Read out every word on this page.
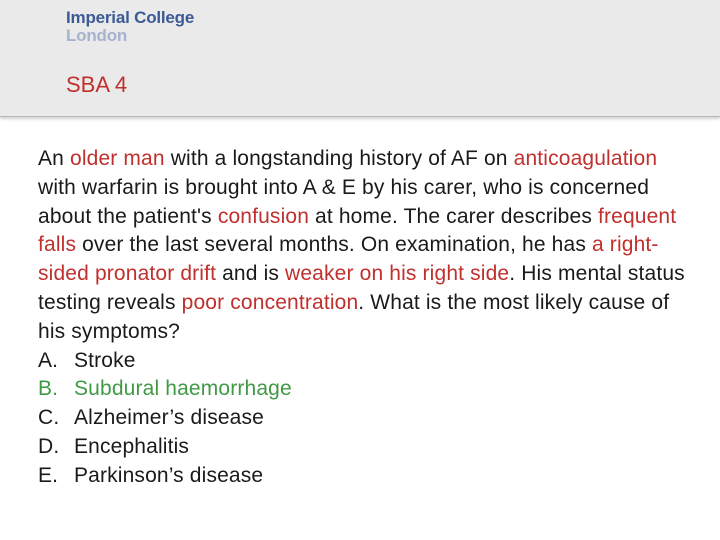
Imperial College
London
SBA 4
An older man with a longstanding history of AF on anticoagulation with warfarin is brought into A & E by his carer, who is concerned about the patient's confusion at home. The carer describes frequent falls over the last several months. On examination, he has a right-sided pronator drift and is weaker on his right side. His mental status testing reveals poor concentration. What is the most likely cause of his symptoms?
A. Stroke
B. Subdural haemorrhage
C. Alzheimer’s disease
D. Encephalitis
E. Parkinson’s disease
